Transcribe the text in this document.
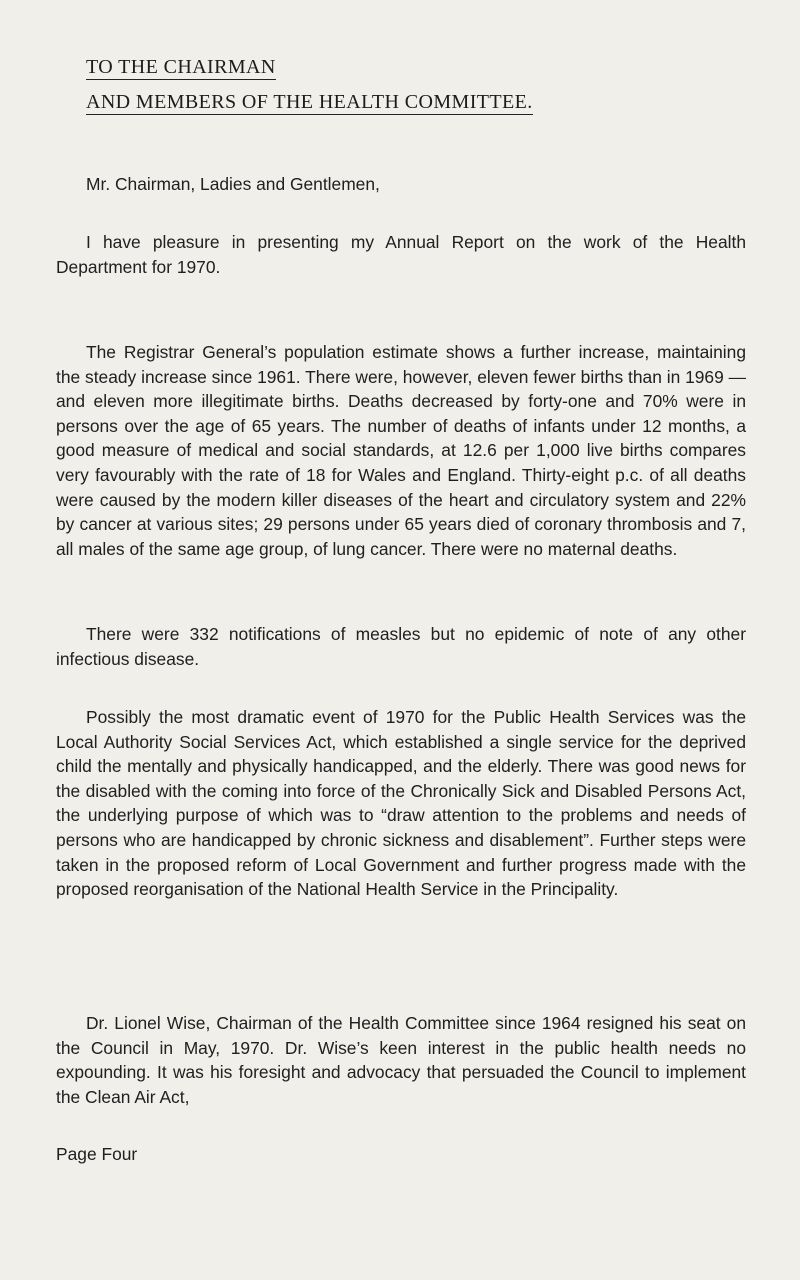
TO THE CHAIRMAN
AND MEMBERS OF THE HEALTH COMMITTEE.
Mr. Chairman, Ladies and Gentlemen,
I have pleasure in presenting my Annual Report on the work of the Health Department for 1970.
The Registrar General’s population estimate shows a further increase, maintaining the steady increase since 1961. There were, however, eleven fewer births than in 1969 — and eleven more illegitimate births. Deaths decreased by forty-one and 70% were in persons over the age of 65 years. The number of deaths of infants under 12 months, a good measure of medical and social standards, at 12.6 per 1,000 live births compares very favourably with the rate of 18 for Wales and England. Thirty-eight p.c. of all deaths were caused by the modern killer diseases of the heart and circulatory system and 22% by cancer at various sites; 29 persons under 65 years died of coronary thrombosis and 7, all males of the same age group, of lung cancer. There were no maternal deaths.
There were 332 notifications of measles but no epidemic of note of any other infectious disease.
Possibly the most dramatic event of 1970 for the Public Health Services was the Local Authority Social Services Act, which established a single service for the deprived child the mentally and physically handicapped, and the elderly. There was good news for the disabled with the coming into force of the Chronically Sick and Disabled Persons Act, the underlying purpose of which was to “draw attention to the problems and needs of persons who are handicapped by chronic sickness and disablement”. Further steps were taken in the proposed reform of Local Government and further progress made with the proposed reorganisation of the National Health Service in the Principality.
Dr. Lionel Wise, Chairman of the Health Committee since 1964 resigned his seat on the Council in May, 1970. Dr. Wise’s keen interest in the public health needs no expounding. It was his foresight and advocacy that persuaded the Council to implement the Clean Air Act,
Page Four
